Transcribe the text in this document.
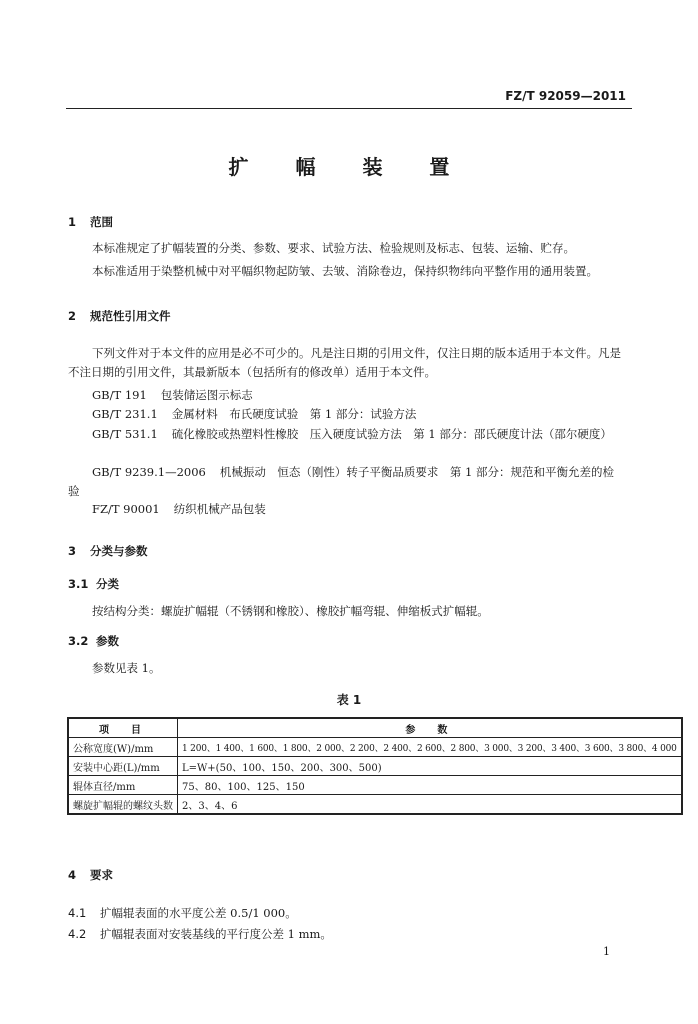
FZ/T 92059—2011
扩 幅 装 置
1 范围
本标准规定了扩幅装置的分类、参数、要求、试验方法、检验规则及标志、包装、运输、贮存。
本标准适用于染整机械中对平幅织物起防皱、去皱、消除卷边，保持织物纬向平整作用的通用装置。
2 规范性引用文件
下列文件对于本文件的应用是必不可少的。凡是注日期的引用文件，仅注日期的版本适用于本文件。凡是不注日期的引用文件，其最新版本（包括所有的修改单）适用于本文件。
GB/T 191 包装储运图示标志
GB/T 231.1 金属材料　布氏硬度试验　第 1 部分：试验方法
GB/T 531.1 硫化橡胶或热塑料性橡胶　压入硬度试验方法　第 1 部分：邵氏硬度计法（邵尔硬度）
GB/T 9239.1—2006 机械振动　恒态（刚性）转子平衡品质要求　第 1 部分：规范和平衡允差的检验
FZ/T 90001 纺织机械产品包装
3 分类与参数
3.1 分类
按结构分类：螺旋扩幅辊（不锈钢和橡胶）、橡胶扩幅弯辊、伸缩板式扩幅辊。
3.2 参数
参数见表 1。
表 1
项　目	参　数
公称宽度(W)/mm	1 200、1 400、1 600、1 800、2 000、2 200、2 400、2 600、2 800、3 000、3 200、3 400、3 600、3 800、4 000
安装中心距(L)/mm	L=W+(50、100、150、200、300、500)
辊体直径/mm	75、80、100、125、150
螺旋扩幅辊的螺纹头数	2、3、4、6
4 要求
4.1 扩幅辊表面的水平度公差 0.5/1 000。
4.2 扩幅辊表面对安装基线的平行度公差 1 mm。
1
